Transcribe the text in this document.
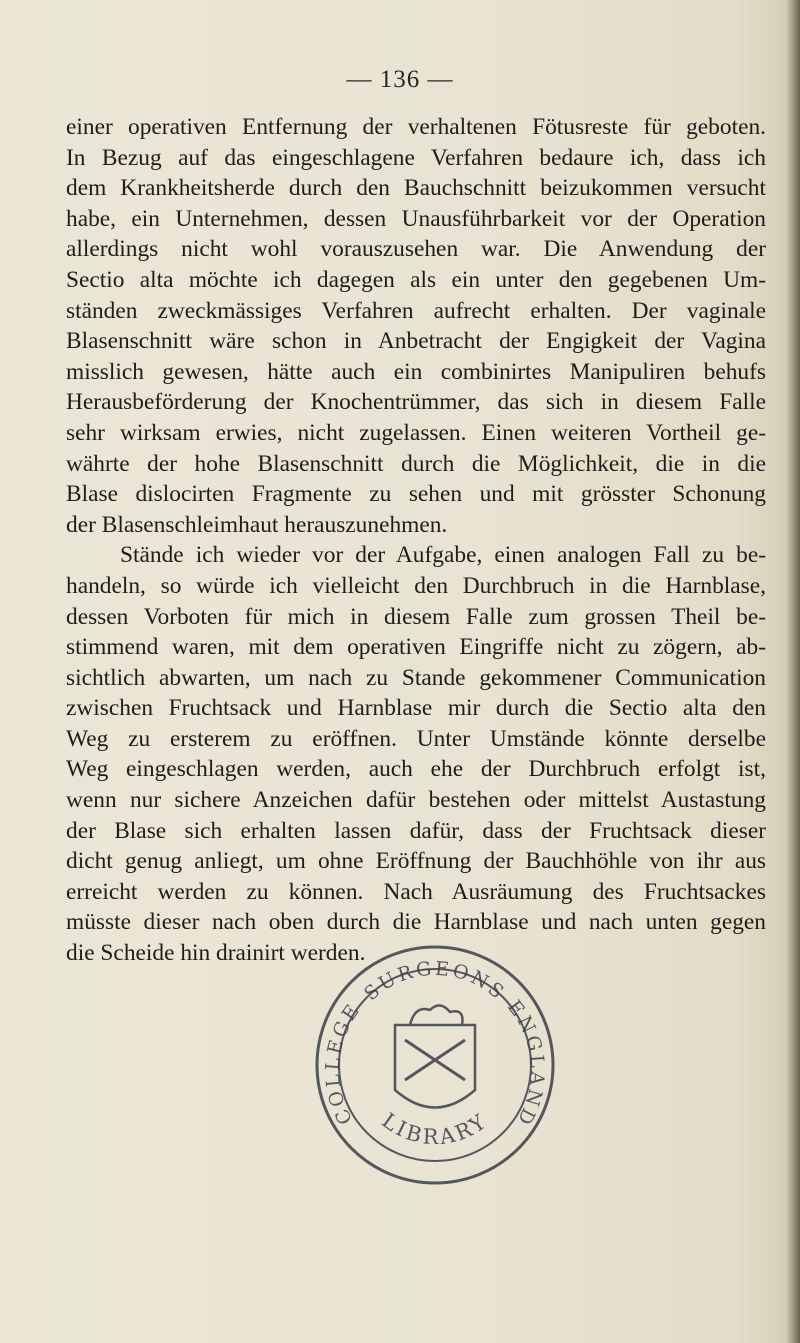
— 136 —
einer operativen Entfernung der verhaltenen Fötusreste für geboten.
In Bezug auf das eingeschlagene Verfahren bedaure ich, dass ich
dem Krankheitsherde durch den Bauchschnitt beizukommen versucht
habe, ein Unternehmen, dessen Unausführbarkeit vor der Operation
allerdings nicht wohl vorauszusehen war. Die Anwendung der
Sectio alta möchte ich dagegen als ein unter den gegebenen Um-
ständen zweckmässiges Verfahren aufrecht erhalten. Der vaginale
Blasenschnitt wäre schon in Anbetracht der Engigkeit der Vagina
misslich gewesen, hätte auch ein combinirtes Manipuliren behufs
Herausbeförderung der Knochentrümmer, das sich in diesem Falle
sehr wirksam erwies, nicht zugelassen. Einen weiteren Vortheil ge-
währte der hohe Blasenschnitt durch die Möglichkeit, die in die
Blase dislocirten Fragmente zu sehen und mit grösster Schonung
der Blasenschleimhaut herauszunehmen.
Stände ich wieder vor der Aufgabe, einen analogen Fall zu be-
handeln, so würde ich vielleicht den Durchbruch in die Harnblase,
dessen Vorboten für mich in diesem Falle zum grossen Theil be-
stimmend waren, mit dem operativen Eingriffe nicht zu zögern, ab-
sichtlich abwarten, um nach zu Stande gekommener Communication
zwischen Fruchtsack und Harnblase mir durch die Sectio alta den
Weg zu ersterem zu eröffnen. Unter Umstände könnte derselbe
Weg eingeschlagen werden, auch ehe der Durchbruch erfolgt ist,
wenn nur sichere Anzeichen dafür bestehen oder mittelst Austastung
der Blase sich erhalten lassen dafür, dass der Fruchtsack dieser
dicht genug anliegt, um ohne Eröffnung der Bauchhöhle von ihr aus
erreicht werden zu können. Nach Ausräumung des Fruchtsackes
müsste dieser nach oben durch die Harnblase und nach unten gegen
die Scheide hin drainirt werden.
SURGEONS
COLLEGE	ENGLAND
LIBRARY
